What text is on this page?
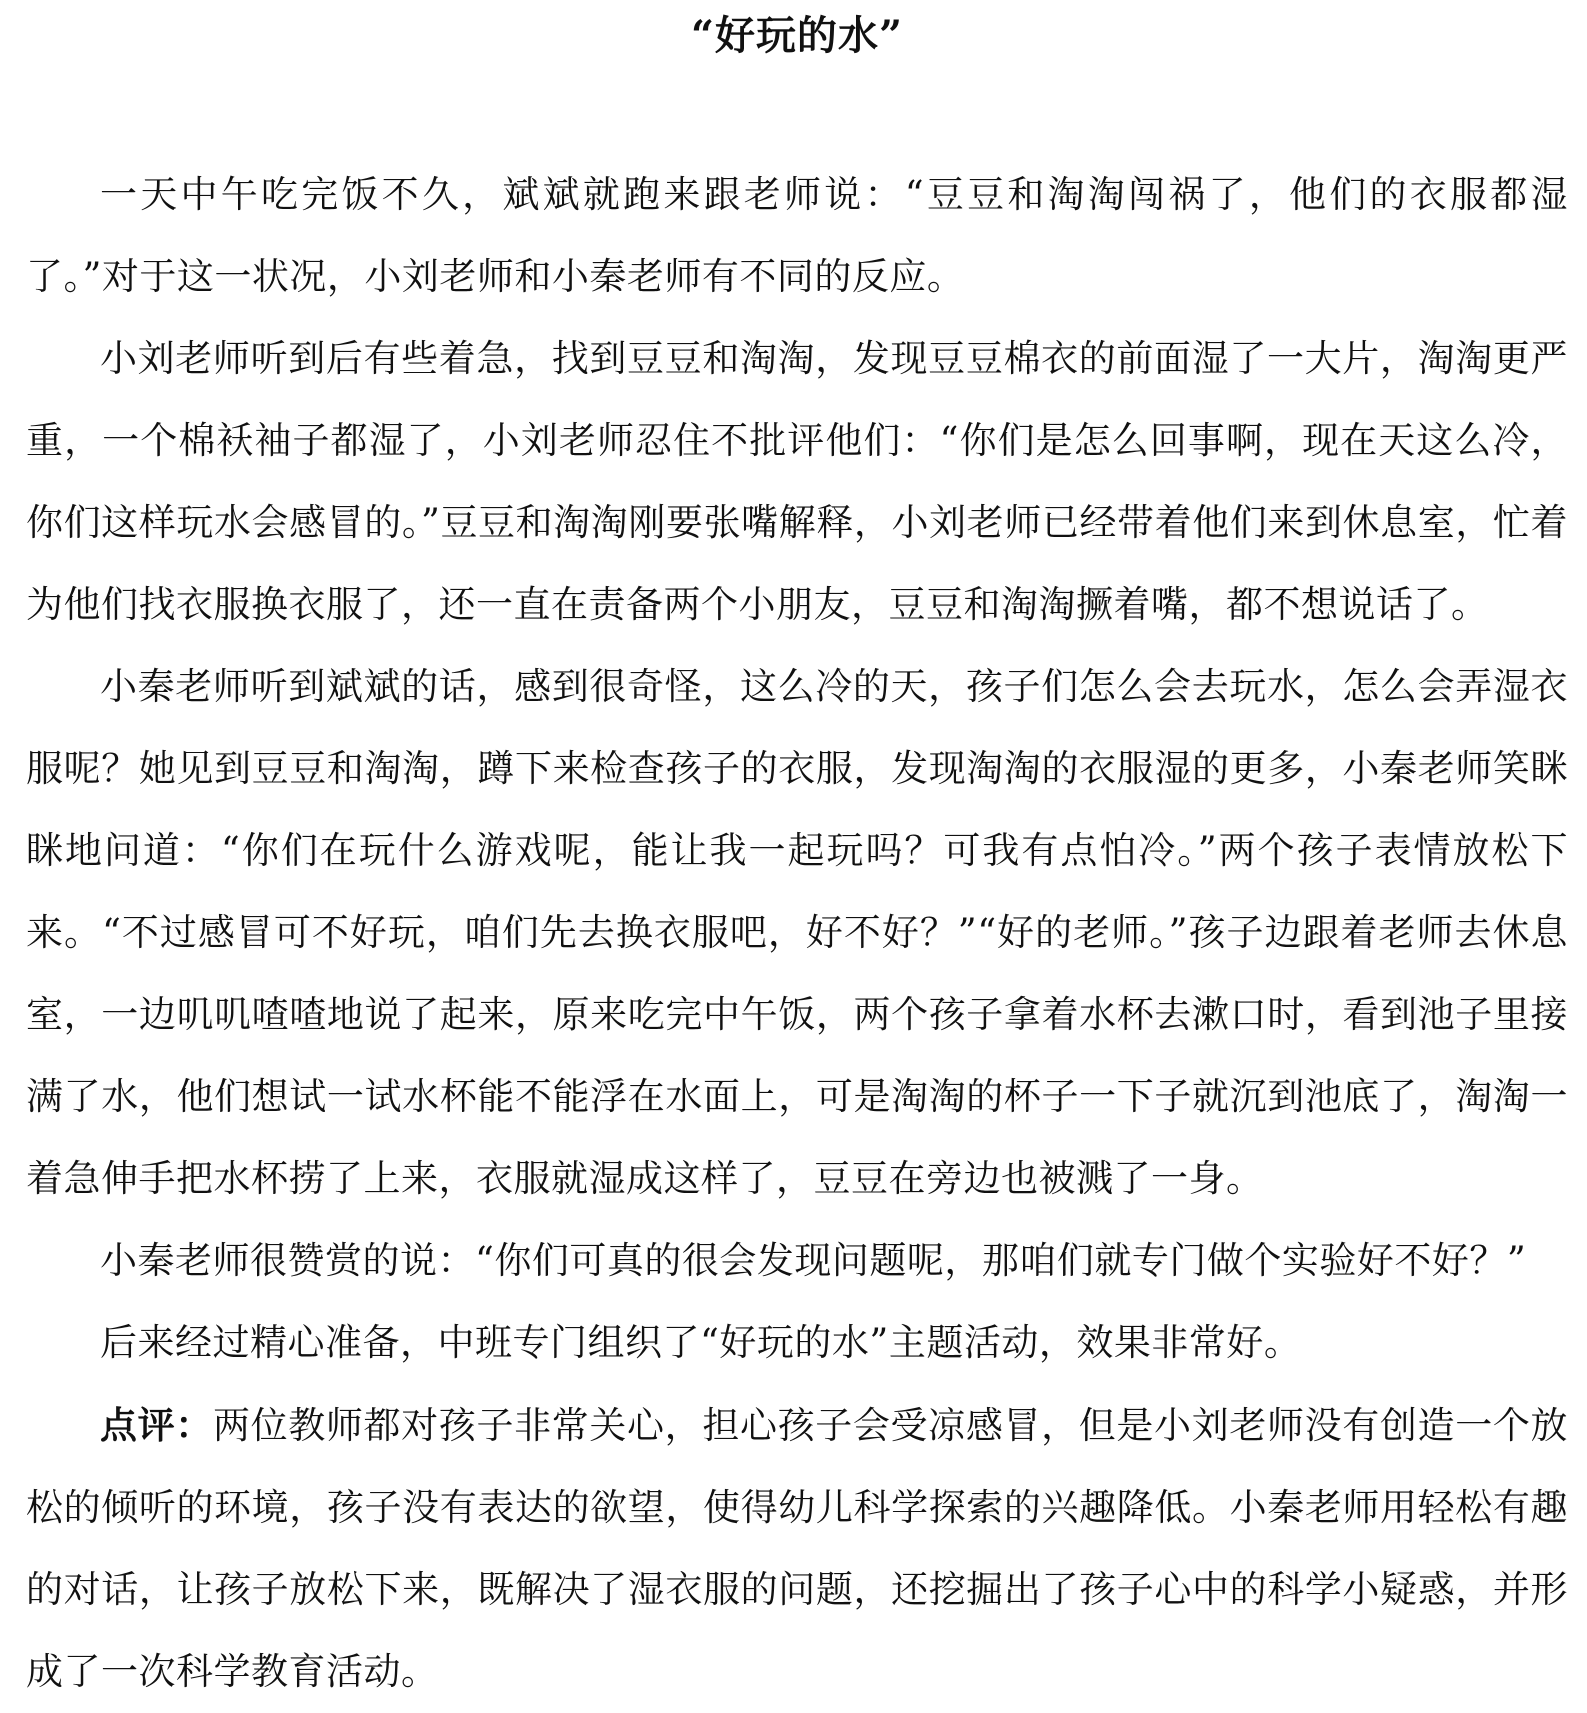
“好玩的水”

一天中午吃完饭不久，斌斌就跑来跟老师说：“豆豆和淘淘闯祸了，他们的衣服都湿了。”对于这一状况，小刘老师和小秦老师有不同的反应。

小刘老师听到后有些着急，找到豆豆和淘淘，发现豆豆棉衣的前面湿了一大片，淘淘更严重，一个棉袄袖子都湿了，小刘老师忍住不批评他们：“你们是怎么回事啊，现在天这么冷，你们这样玩水会感冒的。”豆豆和淘淘刚要张嘴解释，小刘老师已经带着他们来到休息室，忙着为他们找衣服换衣服了，还一直在责备两个小朋友，豆豆和淘淘撅着嘴，都不想说话了。

小秦老师听到斌斌的话，感到很奇怪，这么冷的天，孩子们怎么会去玩水，怎么会弄湿衣服呢？她见到豆豆和淘淘，蹲下来检查孩子的衣服，发现淘淘的衣服湿的更多，小秦老师笑眯眯地问道：“你们在玩什么游戏呢，能让我一起玩吗？可我有点怕冷。”两个孩子表情放松下来。“不过感冒可不好玩，咱们先去换衣服吧，好不好？”“好的老师。”孩子边跟着老师去休息室，一边叽叽喳喳地说了起来，原来吃完中午饭，两个孩子拿着水杯去漱口时，看到池子里接满了水，他们想试一试水杯能不能浮在水面上，可是淘淘的杯子一下子就沉到池底了，淘淘一着急伸手把水杯捞了上来，衣服就湿成这样了，豆豆在旁边也被溅了一身。

小秦老师很赞赏的说：“你们可真的很会发现问题呢，那咱们就专门做个实验好不好？”

后来经过精心准备，中班专门组织了“好玩的水”主题活动，效果非常好。

点评：两位教师都对孩子非常关心，担心孩子会受凉感冒，但是小刘老师没有创造一个放松的倾听的环境，孩子没有表达的欲望，使得幼儿科学探索的兴趣降低。小秦老师用轻松有趣的对话，让孩子放松下来，既解决了湿衣服的问题，还挖掘出了孩子心中的科学小疑惑，并形成了一次科学教育活动。
